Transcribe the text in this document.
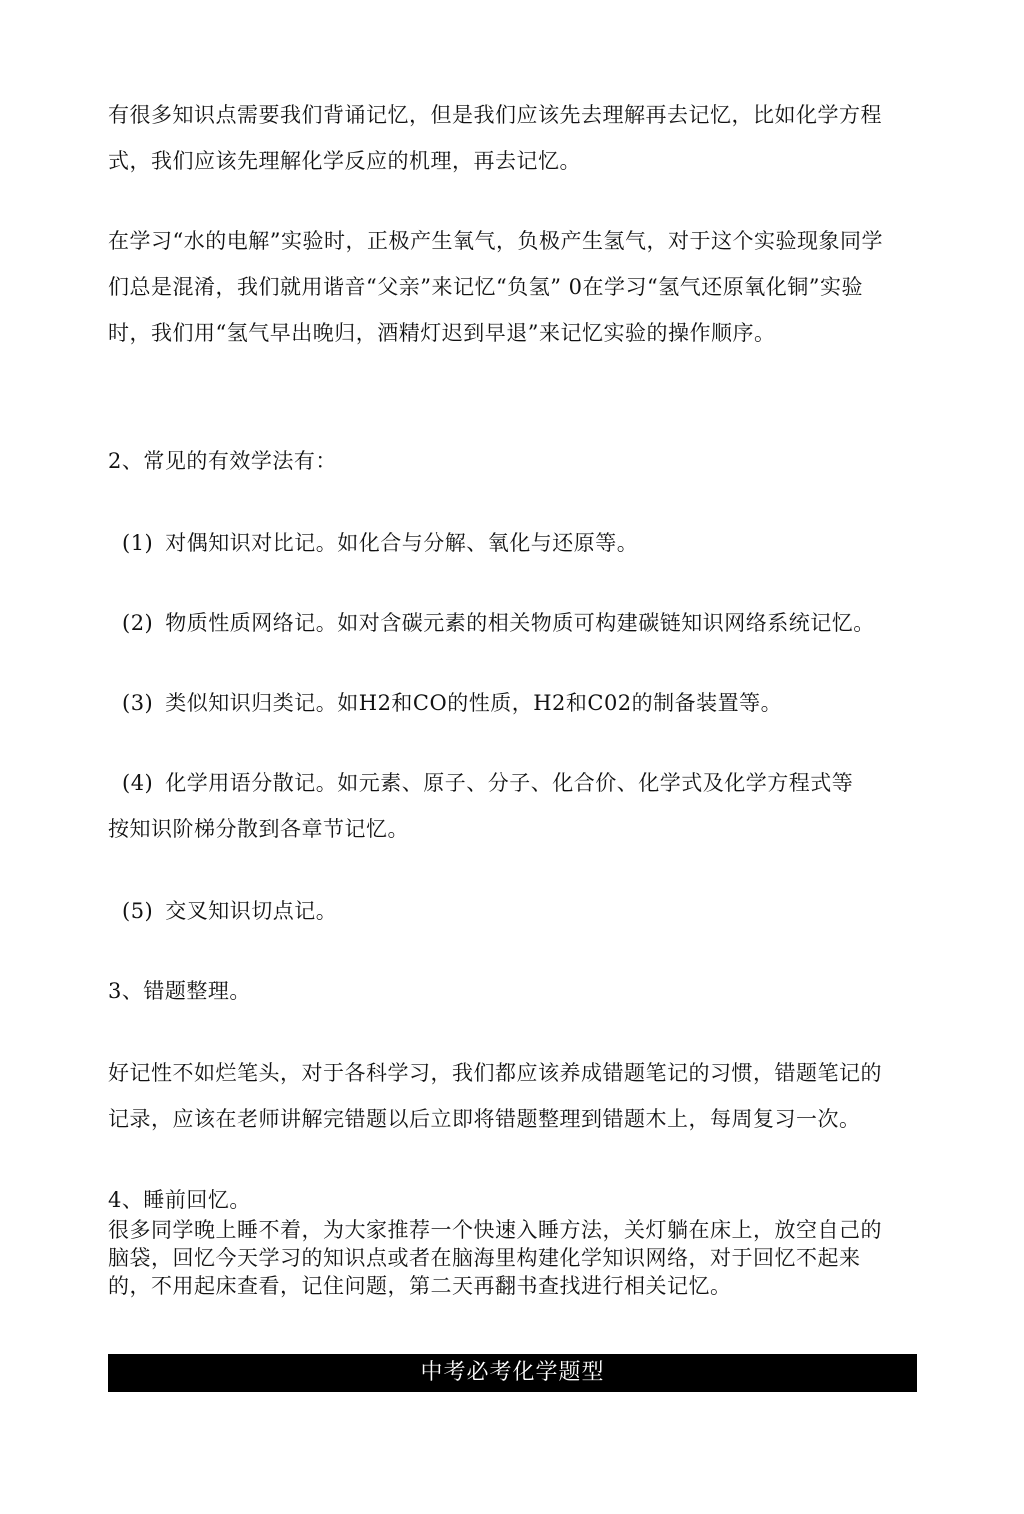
有很多知识点需要我们背诵记忆，但是我们应该先去理解再去记忆，比如化学方程式，我们应该先理解化学反应的机理，再去记忆。
在学习“水的电解”实验时，正极产生氧气，负极产生氢气，对于这个实验现象同学们总是混淆，我们就用谐音“父亲”来记忆“负氢” 0在学习“氢气还原氧化铜”实验时，我们用“氢气早出晚归，酒精灯迟到早退”来记忆实验的操作顺序。
2、常见的有效学法有：
(1) 对偶知识对比记。如化合与分解、氧化与还原等。
(2) 物质性质网络记。如对含碳元素的相关物质可构建碳链知识网络系统记忆。
(3) 类似知识归类记。如H2和CO的性质，H2和C02的制备装置等。
(4) 化学用语分散记。如元素、原子、分子、化合价、化学式及化学方程式等
按知识阶梯分散到各章节记忆。
(5) 交叉知识切点记。
3、错题整理。
好记性不如烂笔头，对于各科学习，我们都应该养成错题笔记的习惯，错题笔记的记录，应该在老师讲解完错题以后立即将错题整理到错题木上，每周复习一次。
4、睡前回忆。
很多同学晚上睡不着，为大家推荐一个快速入睡方法，关灯躺在床上，放空自己的脑袋，回忆今天学习的知识点或者在脑海里构建化学知识网络，对于回忆不起来的，不用起床查看，记住问题，第二天再翻书查找进行相关记忆。
中考必考化学题型
